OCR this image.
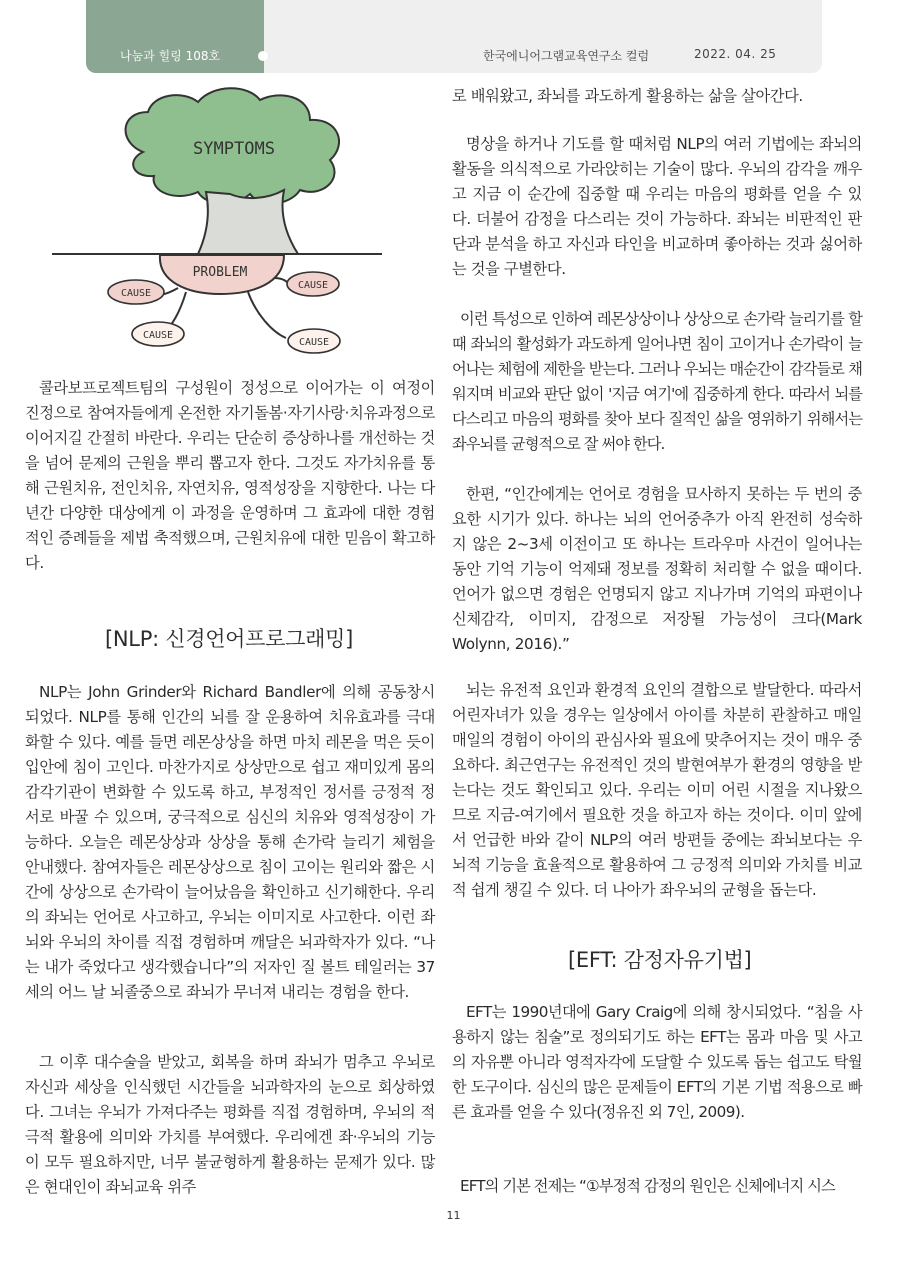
나눔과 힐링 108호	한국에니어그램교육연구소 컬럼	2022. 04. 25
SYMPTOMS
PROBLEM
CAUSE
CAUSE
CAUSE
CAUSE

콜라보프로젝트팀의 구성원이 정성으로 이어가는 이 여정이 진정으로 참여자들에게 온전한 자기돌봄·자기사랑·치유과정으로 이어지길 간절히 바란다. 우리는 단순히 증상하나를 개선하는 것을 넘어 문제의 근원을 뿌리 뽑고자 한다. 그것도 자가치유를 통해 근원치유, 전인치유, 자연치유, 영적성장을 지향한다. 나는 다년간 다양한 대상에게 이 과정을 운영하며 그 효과에 대한 경험적인 증례들을 제법 축적했으며, 근원치유에 대한 믿음이 확고하다.

[NLP: 신경언어프로그래밍]

NLP는 John Grinder와 Richard Bandler에 의해 공동창시 되었다. NLP를 통해 인간의 뇌를 잘 운용하여 치유효과를 극대화할 수 있다. 예를 들면 레몬상상을 하면 마치 레몬을 먹은 듯이 입안에 침이 고인다. 마찬가지로 상상만으로 쉽고 재미있게 몸의 감각기관이 변화할 수 있도록 하고, 부정적인 정서를 긍정적 정서로 바꿀 수 있으며, 궁극적으로 심신의 치유와 영적성장이 가능하다. 오늘은 레몬상상과 상상을 통해 손가락 늘리기 체험을 안내했다. 참여자들은 레몬상상으로 침이 고이는 원리와 짧은 시간에 상상으로 손가락이 늘어났음을 확인하고 신기해한다. 우리의 좌뇌는 언어로 사고하고, 우뇌는 이미지로 사고한다. 이런 좌뇌와 우뇌의 차이를 직접 경험하며 깨달은 뇌과학자가 있다. “나는 내가 죽었다고 생각했습니다”의 저자인 질 볼트 테일러는 37세의 어느 날 뇌졸중으로 좌뇌가 무너져 내리는 경험을 한다.

그 이후 대수술을 받았고, 회복을 하며 좌뇌가 멈추고 우뇌로 자신과 세상을 인식했던 시간들을 뇌과학자의 눈으로 회상하였다. 그녀는 우뇌가 가져다주는 평화를 직접 경험하며, 우뇌의 적극적 활용에 의미와 가치를 부여했다. 우리에겐 좌·우뇌의 기능이 모두 필요하지만, 너무 불균형하게 활용하는 문제가 있다. 많은 현대인이 좌뇌교육 위주

로 배워왔고, 좌뇌를 과도하게 활용하는 삶을 살아간다.

명상을 하거나 기도를 할 때처럼 NLP의 여러 기법에는 좌뇌의 활동을 의식적으로 가라앉히는 기술이 많다. 우뇌의 감각을 깨우고 지금 이 순간에 집중할 때 우리는 마음의 평화를 얻을 수 있다. 더불어 감정을 다스리는 것이 가능하다. 좌뇌는 비판적인 판단과 분석을 하고 자신과 타인을 비교하며 좋아하는 것과 싫어하는 것을 구별한다.

이런 특성으로 인하여 레몬상상이나 상상으로 손가락 늘리기를 할 때 좌뇌의 활성화가 과도하게 일어나면 침이 고이거나 손가락이 늘어나는 체험에 제한을 받는다. 그러나 우뇌는 매순간이 감각들로 채워지며 비교와 판단 없이 '지금 여기'에 집중하게 한다. 따라서 뇌를 다스리고 마음의 평화를 찾아 보다 질적인 삶을 영위하기 위해서는 좌우뇌를 균형적으로 잘 써야 한다.

한편, “인간에게는 언어로 경험을 묘사하지 못하는 두 번의 중요한 시기가 있다. 하나는 뇌의 언어중추가 아직 완전히 성숙하지 않은 2~3세 이전이고 또 하나는 트라우마 사건이 일어나는 동안 기억 기능이 억제돼 정보를 정확히 처리할 수 없을 때이다. 언어가 없으면 경험은 언명되지 않고 지나가며 기억의 파편이나 신체감각, 이미지, 감정으로 저장될 가능성이 크다(Mark Wolynn, 2016).”

뇌는 유전적 요인과 환경적 요인의 결합으로 발달한다. 따라서 어린자녀가 있을 경우는 일상에서 아이를 차분히 관찰하고 매일 매일의 경험이 아이의 관심사와 필요에 맞추어지는 것이 매우 중요하다. 최근연구는 유전적인 것의 발현여부가 환경의 영향을 받는다는 것도 확인되고 있다. 우리는 이미 어린 시절을 지나왔으므로 지금-여기에서 필요한 것을 하고자 하는 것이다. 이미 앞에서 언급한 바와 같이 NLP의 여러 방편들 중에는 좌뇌보다는 우뇌적 기능을 효율적으로 활용하여 그 긍정적 의미와 가치를 비교적 쉽게 챙길 수 있다. 더 나아가 좌우뇌의 균형을 돕는다.

[EFT: 감정자유기법]

EFT는 1990년대에 Gary Craig에 의해 창시되었다. “침을 사용하지 않는 침술”로 정의되기도 하는 EFT는 몸과 마음 및 사고의 자유뿐 아니라 영적자각에 도달할 수 있도록 돕는 쉽고도 탁월한 도구이다. 심신의 많은 문제들이 EFT의 기본 기법 적용으로 빠른 효과를 얻을 수 있다(정유진 외 7인, 2009).

EFT의 기본 전제는 “①부정적 감정의 원인은 신체에너지 시스

11
